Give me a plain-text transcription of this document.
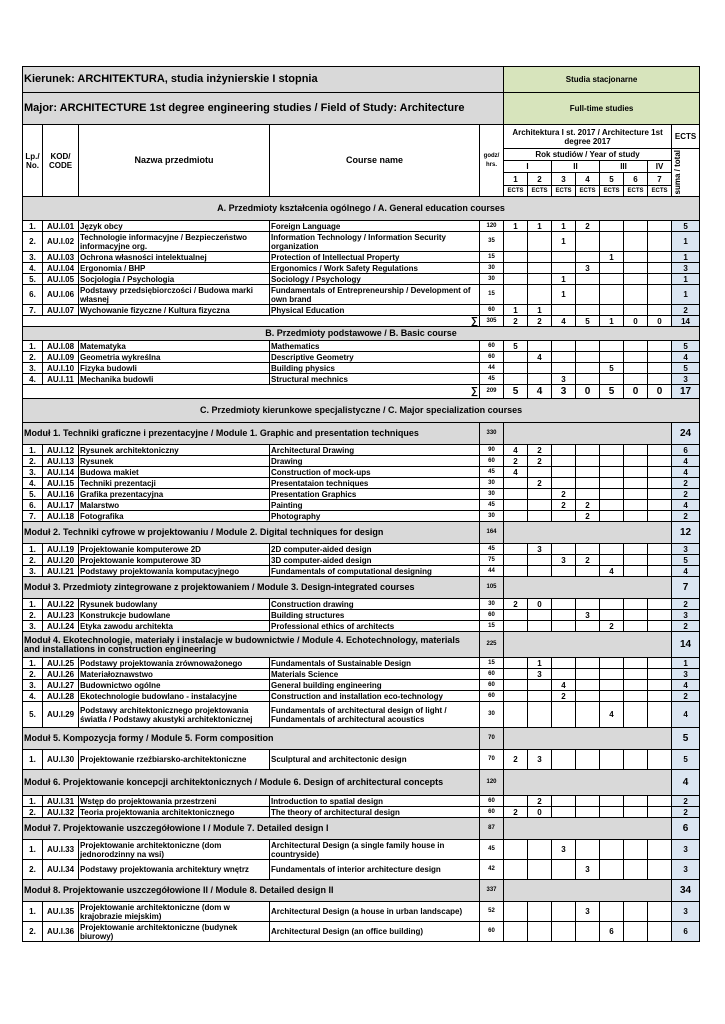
Kierunek: ARCHITEKTURA, studia inżynierskie I stopnia					Studia stacjonarne							
Major: ARCHITECTURE 1st degree engineering studies / Field of Study: Architecture					Full-time studies							
Lp./ No.	KOD/ CODE	Nazwa przedmiotu	Course name	godz/ hrs.	Architektura I st. 2017 / Architecture 1st degree 2017							ECTS
					Rok studiów / Year of study							suma / total

					I		II		III		IV	
					1	2	3	4	5	6	7	
					ECTS	ECTS	ECTS	ECTS	ECTS	ECTS	ECTS	
A. Przedmioty kształcenia ogólnego / A. General education courses												
1.	AU.I.01	Język obcy	Foreign Language	120	1	1	1	2				5
2.	AU.I.02	Technologie informacyjne / Bezpieczeństwo informacyjne org.	Information Technology / Information Security organization	35			1					1
3.	AU.I.03	Ochrona własności intelektualnej	Protection of Intellectual Property	15					1			1
4.	AU.I.04	Ergonomia / BHP	Ergonomics / Work Safety Regulations	30				3				3
5.	AU.I.05	Socjologia / Psychologia	Sociology / Psychology	30			1					1
6.	AU.I.06	Podstawy przedsiębiorczości / Budowa marki własnej	Fundamentals of Entrepreneurship / Development of own brand	15			1					1
7.	AU.I.07	Wychowanie fizyczne / Kultura fizyczna	Physical Education	60	1	1						2
∑				305	2	2	4	5	1	0	0	14
B. Przedmioty podstawowe / B. Basic course												
1.	AU.I.08	Matematyka	Mathematics	60	5							5
2.	AU.I.09	Geometria wykreślna	Descriptive Geometry	60		4						4
3.	AU.I.10	Fizyka budowli	Building physics	44					5			5
4.	AU.I.11	Mechanika budowli	Structural mechnics	45			3					3
∑				209	5	4	3	0	5	0	0	17
C. Przedmioty kierunkowe specjalistyczne / C. Major specialization courses												
Moduł 1. Techniki graficzne i prezentacyjne / Module 1. Graphic and presentation techniques				330								24
1.	AU.I.12	Rysunek architektoniczny	Architectural Drawing	90	4	2						6
2.	AU.I.13	Rysunek	Drawing	60	2	2						4
3.	AU.I.14	Budowa makiet	Construction of mock-ups	45	4							4
4.	AU.I.15	Techniki prezentacji	Presentataion techniques	30		2						2
5.	AU.I.16	Grafika prezentacyjna	Presentation Graphics	30			2					2
6.	AU.I.17	Malarstwo	Painting	45			2	2				4
7.	AU.I.18	Fotografika	Photography	30				2				2
Moduł 2. Techniki cyfrowe w projektowaniu / Module 2. Digital techniques for design				164								12
1.	AU.I.19	Projektowanie komputerowe 2D	2D computer-aided design	45		3						3
2.	AU.I.20	Projektowanie komputerowe 3D	3D computer-aided design	75			3	2				5
3.	AU.I.21	Podstawy projektowania komputacyjnego	Fundamentals of computational designing	44					4			4
Moduł 3. Przedmioty zintegrowane z projektowaniem / Module 3. Design-integrated courses				105								7
1.	AU.I.22	Rysunek budowlany	Construction drawing	30	2	0						2
2.	AU.I.23	Konstrukcje budowlane	Building structures	60				3				3
3.	AU.I.24	Etyka zawodu architekta	Professional ethics of architects	15					2			2
Moduł 4. Ekotechnologie, materiały i instalacje w budownictwie / Module 4. Echotechnology, materials and installations in construction engineering				225								14
1.	AU.I.25	Podstawy projektowania zrównoważonego	Fundamentals of Sustainable Design	15		1						1
2.	AU.I.26	Materiałoznawstwo	Materials Science	60		3						3
3.	AU.I.27	Budownictwo ogólne	General building engineering	60			4					4
4.	AU.I.28	Ekotechnologie budowlano - instalacyjne	Construction and installation eco-technology	60			2					2
5.	AU.I.29	Podstawy architektonicznego projektowania światła / Podstawy akustyki architektonicznej	Fundamentals of architectural design of light / Fundamentals of architectural acoustics	30					4			4
Moduł 5. Kompozycja formy / Module 5. Form composition				70								5
1.	AU.I.30	Projektowanie rzeźbiarsko-architektoniczne	Sculptural and architectonic design	70	2	3						5
Moduł 6. Projektowanie koncepcji architektonicznych / Module 6. Design of architectural concepts				120								4
1.	AU.I.31	Wstęp do projektowania przestrzeni	Introduction to spatial design	60		2						2
2.	AU.I.32	Teoria projektowania architektonicznego	The theory of architectural design	60	2	0						2
Moduł 7. Projektowanie uszczegółowione I / Module 7. Detailed design I				87								6
1.	AU.I.33	Projektowanie architektoniczne (dom jednorodzinny na wsi)	Architectural Design (a single family house in countryside)	45			3					3
2.	AU.I.34	Podstawy projektowania architektury wnętrz	Fundamentals of interior architecture design	42				3				3
Moduł 8. Projektowanie uszczegółowione II / Module 8. Detailed design II				337								34
1.	AU.I.35	Projektowanie architektoniczne (dom w krajobrazie miejskim)	Architectural Design (a house in urban landscape)	52				3				3
2.	AU.I.36	Projektowanie architektoniczne (budynek biurowy)	Architectural Design (an office building)	60					6			6
